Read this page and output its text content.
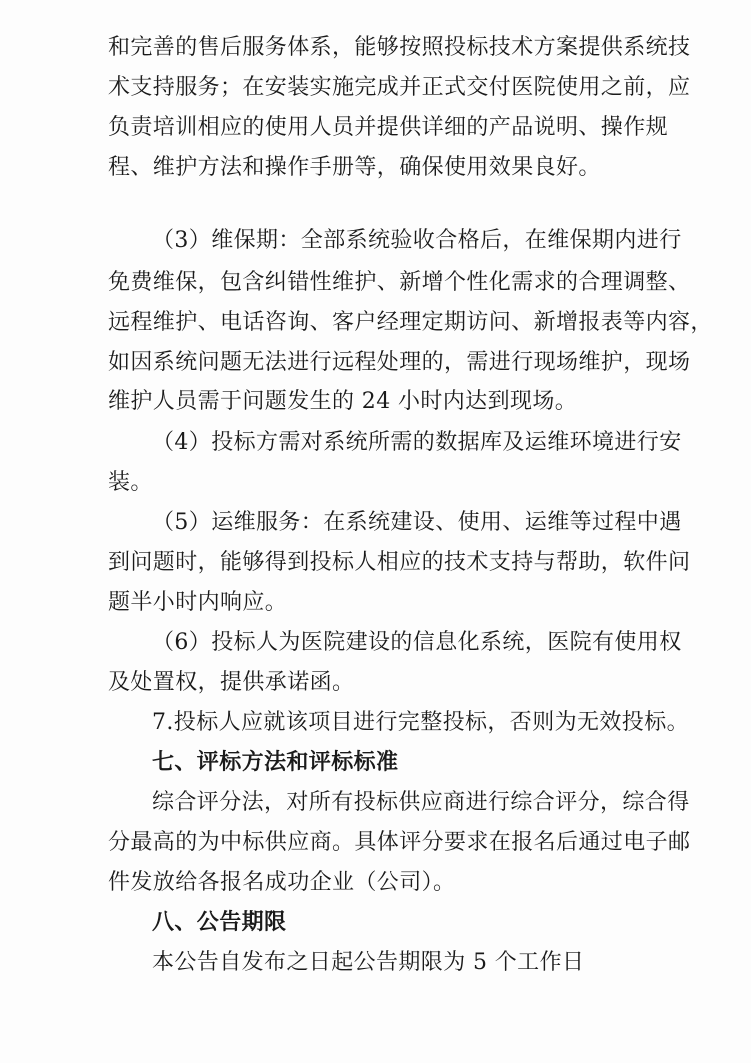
和完善的售后服务体系，能够按照投标技术方案提供系统技
术支持服务；在安装实施完成并正式交付医院使用之前，应
负责培训相应的使用人员并提供详细的产品说明、操作规
程、维护方法和操作手册等，确保使用效果良好。
（3）维保期：全部系统验收合格后，在维保期内进行
免费维保，包含纠错性维护、新增个性化需求的合理调整、
远程维护、电话咨询、客户经理定期访问、新增报表等内容，
如因系统问题无法进行远程处理的，需进行现场维护，现场
维护人员需于问题发生的 24 小时内达到现场。
（4）投标方需对系统所需的数据库及运维环境进行安
装。
（5）运维服务：在系统建设、使用、运维等过程中遇
到问题时，能够得到投标人相应的技术支持与帮助，软件问
题半小时内响应。
（6）投标人为医院建设的信息化系统，医院有使用权
及处置权，提供承诺函。
7.投标人应就该项目进行完整投标，否则为无效投标。
七、评标方法和评标标准
综合评分法，对所有投标供应商进行综合评分，综合得
分最高的为中标供应商。具体评分要求在报名后通过电子邮
件发放给各报名成功企业（公司）。
八、公告期限
本公告自发布之日起公告期限为 5 个工作日
